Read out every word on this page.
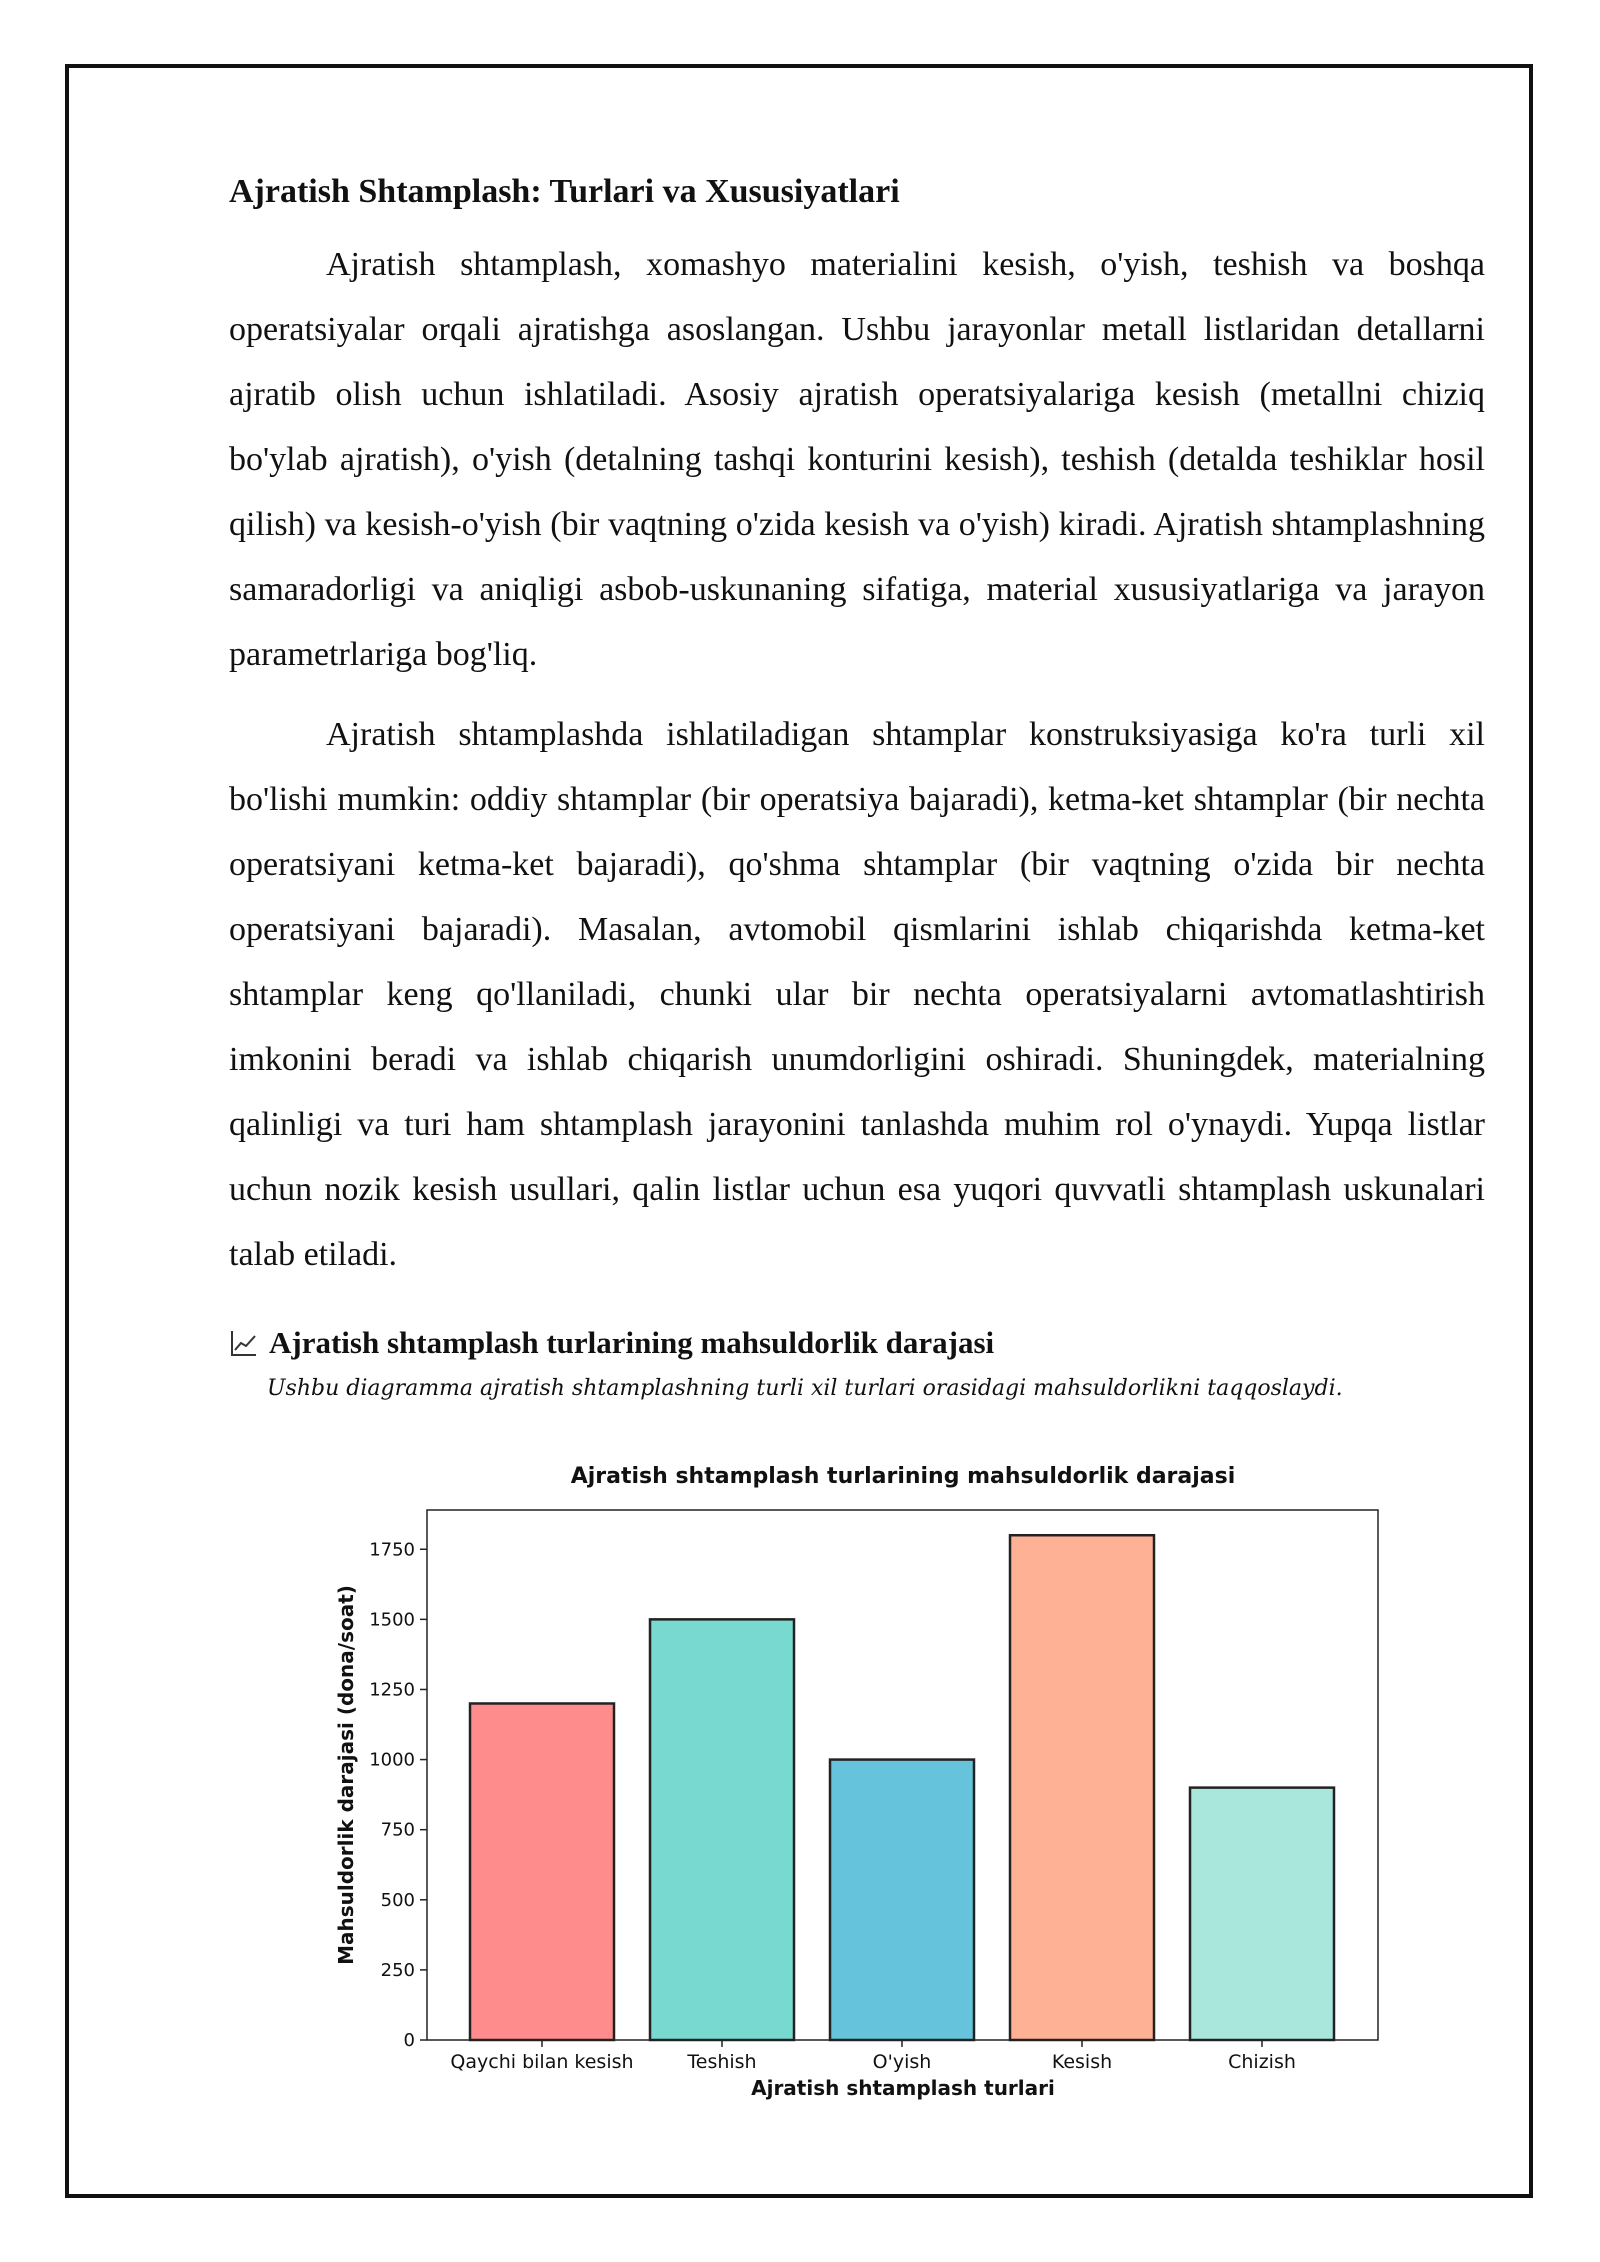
Ajratish Shtamplash: Turlari va Xususiyatlari

Ajratish shtamplash, xomashyo materialini kesish, o'yish, teshish va boshqa operatsiyalar orqali ajratishga asoslangan. Ushbu jarayonlar metall listlaridan detallarni ajratib olish uchun ishlatiladi. Asosiy ajratish operatsiyalariga kesish (metallni chiziq bo'ylab ajratish), o'yish (detalning tashqi konturini kesish), teshish (detalda teshiklar hosil qilish) va kesish-o'yish (bir vaqtning o'zida kesish va o'yish) kiradi. Ajratish shtamplashning samaradorligi va aniqligi asbob-uskunaning sifatiga, material xususiyatlariga va jarayon parametrlariga bog'liq.

Ajratish shtamplashda ishlatiladigan shtamplar konstruksiyasiga ko'ra turli xil bo'lishi mumkin: oddiy shtamplar (bir operatsiya bajaradi), ketma-ket shtamplar (bir nechta operatsiyani ketma-ket bajaradi), qo'shma shtamplar (bir vaqtning o'zida bir nechta operatsiyani bajaradi). Masalan, avtomobil qismlarini ishlab chiqarishda ketma-ket shtamplar keng qo'llaniladi, chunki ular bir nechta operatsiyalarni avtomatlashtirish imkonini beradi va ishlab chiqarish unumdorligini oshiradi. Shuningdek, materialning qalinligi va turi ham shtamplash jarayonini tanlashda muhim rol o'ynaydi. Yupqa listlar uchun nozik kesish usullari, qalin listlar uchun esa yuqori quvvatli shtamplash uskunalari talab etiladi.

Ajratish shtamplash turlarining mahsuldorlik darajasi

Ushbu diagramma ajratish shtamplashning turli xil turlari orasidagi mahsuldorlikni taqqoslaydi.

Ajratish shtamplash turlarining mahsuldorlik darajasi
Mahsuldorlik darajasi (dona/soat)
Ajratish shtamplash turlari
0
250
500
750
1000
1250
1500
1750
Qaychi bilan kesish	Teshish	O'yish	Kesish	Chizish
